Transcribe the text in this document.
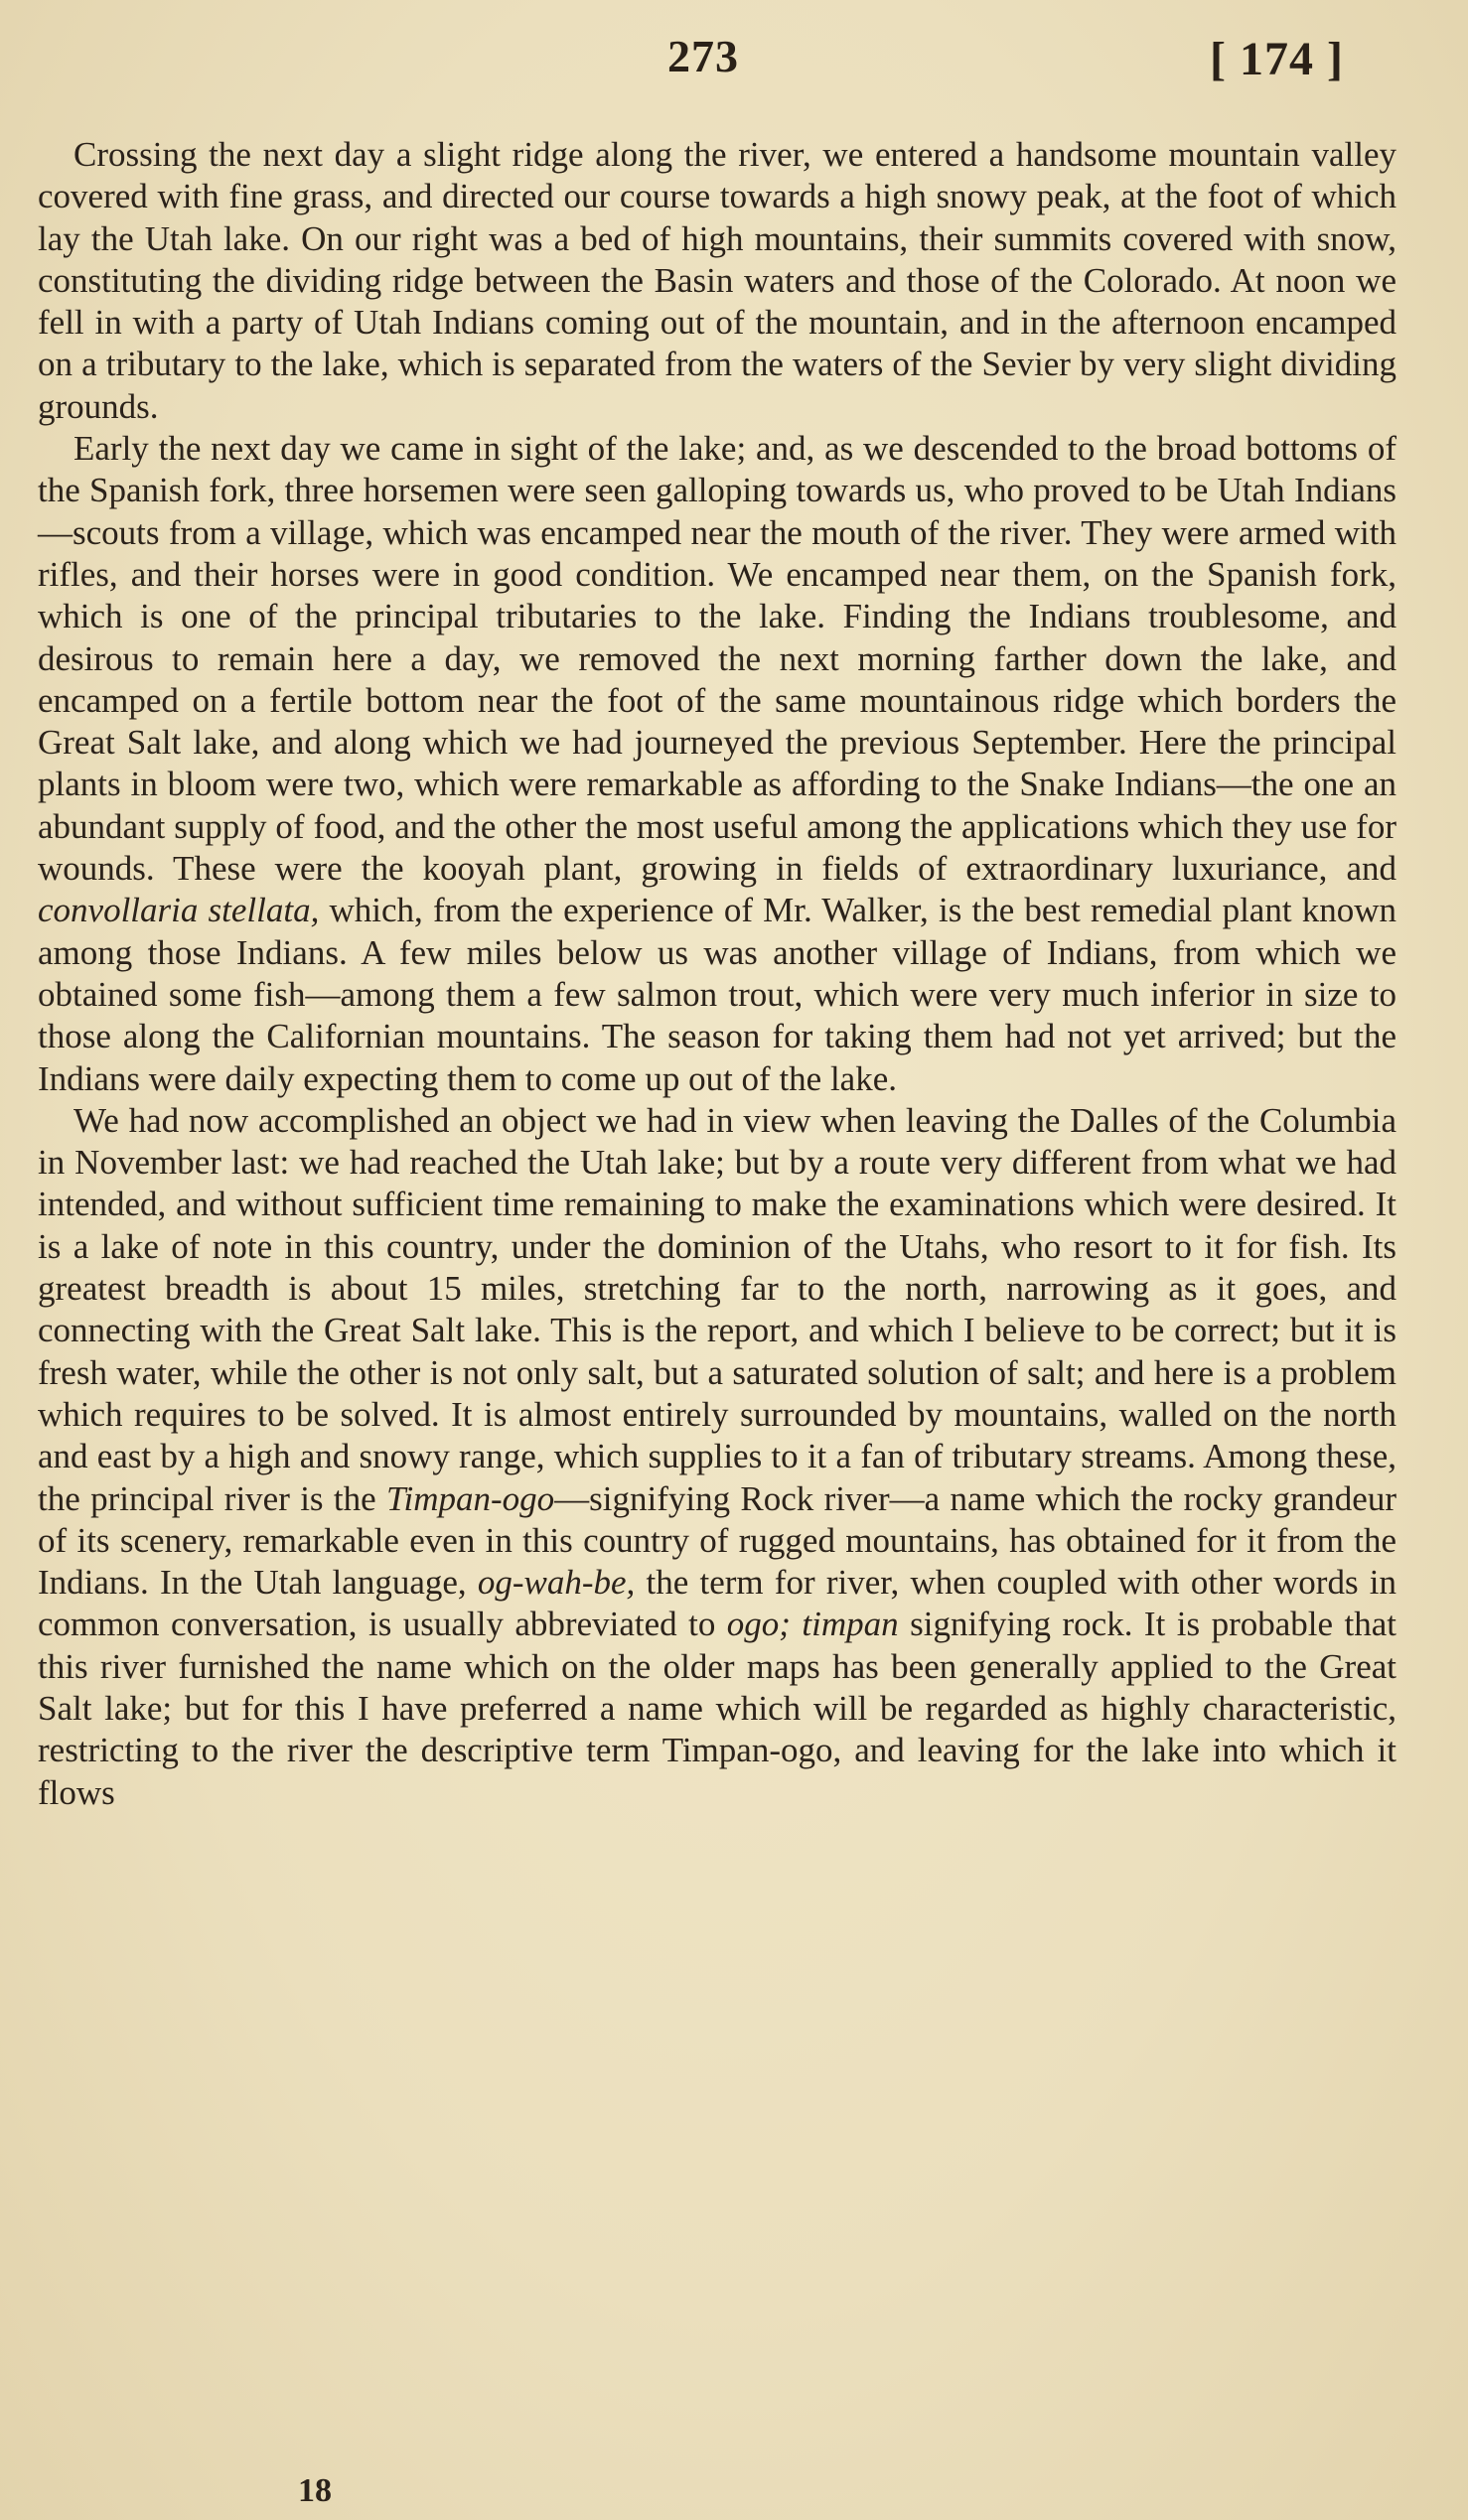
273	[ 174 ]

Crossing the next day a slight ridge along the river, we entered a handsome mountain valley covered with fine grass, and directed our course towards a high snowy peak, at the foot of which lay the Utah lake. On our right was a bed of high mountains, their summits covered with snow, constituting the dividing ridge between the Basin waters and those of the Colorado. At noon we fell in with a party of Utah Indians coming out of the mountain, and in the afternoon encamped on a tributary to the lake, which is separated from the waters of the Sevier by very slight dividing grounds.

Early the next day we came in sight of the lake; and, as we descended to the broad bottoms of the Spanish fork, three horsemen were seen galloping towards us, who proved to be Utah Indians—scouts from a village, which was encamped near the mouth of the river. They were armed with rifles, and their horses were in good condition. We encamped near them, on the Spanish fork, which is one of the principal tributaries to the lake. Finding the Indians troublesome, and desirous to remain here a day, we removed the next morning farther down the lake, and encamped on a fertile bottom near the foot of the same mountainous ridge which borders the Great Salt lake, and along which we had journeyed the previous September. Here the principal plants in bloom were two, which were remarkable as affording to the Snake Indians—the one an abundant supply of food, and the other the most useful among the applications which they use for wounds. These were the kooyah plant, growing in fields of extraordinary luxuriance, and convollaria stellata, which, from the experience of Mr. Walker, is the best remedial plant known among those Indians. A few miles below us was another village of Indians, from which we obtained some fish—among them a few salmon trout, which were very much inferior in size to those along the Californian mountains. The season for taking them had not yet arrived; but the Indians were daily expecting them to come up out of the lake.

We had now accomplished an object we had in view when leaving the Dalles of the Columbia in November last: we had reached the Utah lake; but by a route very different from what we had intended, and without sufficient time remaining to make the examinations which were desired. It is a lake of note in this country, under the dominion of the Utahs, who resort to it for fish. Its greatest breadth is about 15 miles, stretching far to the north, narrowing as it goes, and connecting with the Great Salt lake. This is the report, and which I believe to be correct; but it is fresh water, while the other is not only salt, but a saturated solution of salt; and here is a problem which requires to be solved. It is almost entirely surrounded by mountains, walled on the north and east by a high and snowy range, which supplies to it a fan of tributary streams. Among these, the principal river is the Timpan-ogo—signifying Rock river—a name which the rocky grandeur of its scenery, remarkable even in this country of rugged mountains, has obtained for it from the Indians. In the Utah language, og-wah-be, the term for river, when coupled with other words in common conversation, is usually abbreviated to ogo; timpan signifying rock. It is probable that this river furnished the name which on the older maps has been generally applied to the Great Salt lake; but for this I have preferred a name which will be regarded as highly characteristic, restricting to the river the descriptive term Timpan-ogo, and leaving for the lake into which it flows

18
